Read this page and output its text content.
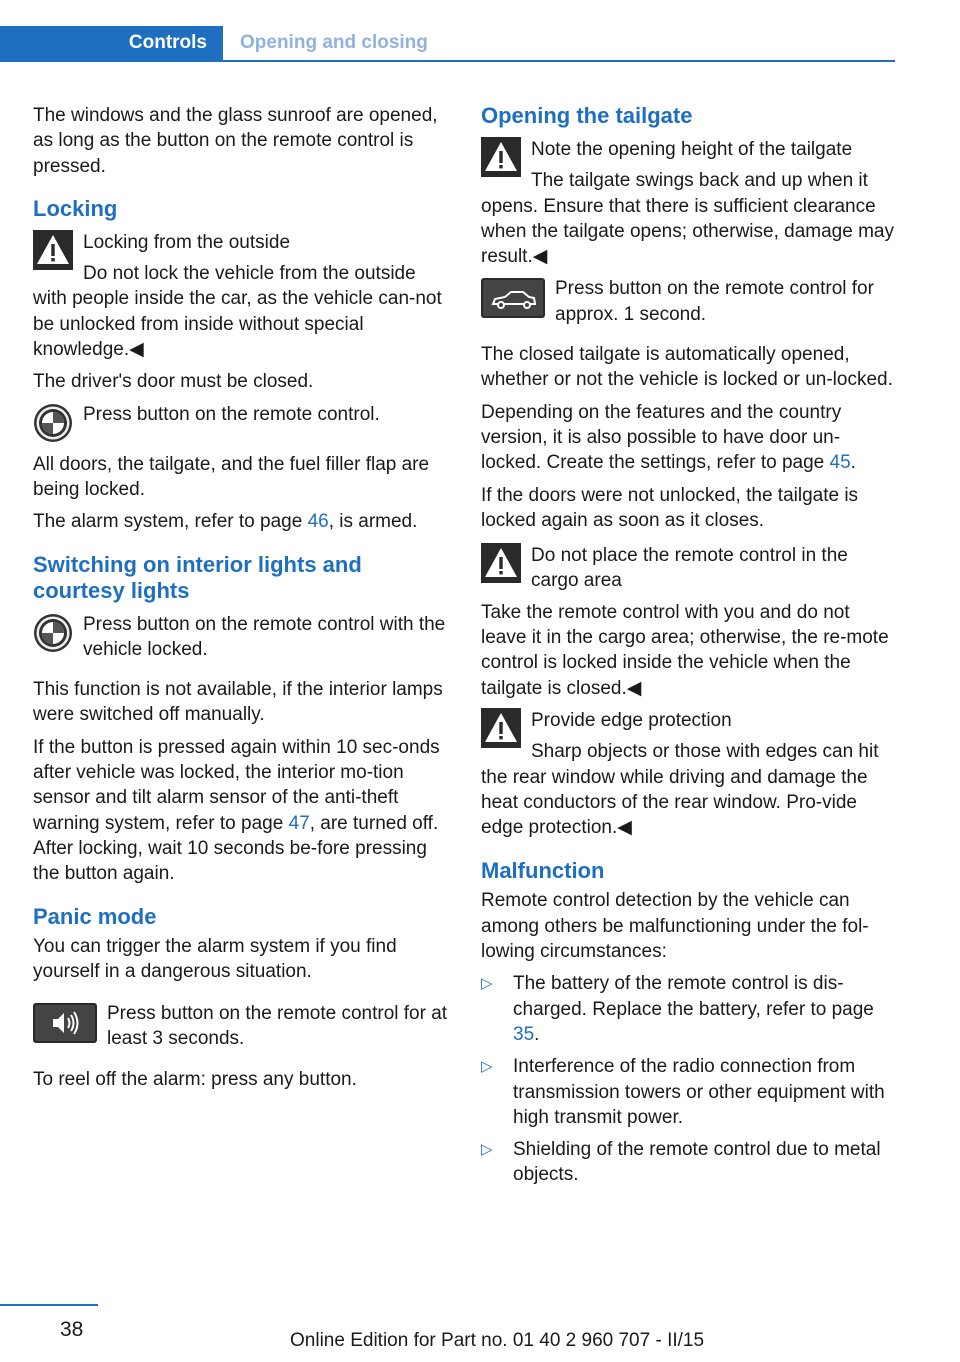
Controls	Opening and closing

The windows and the glass sunroof are opened, as long as the button on the remote control is pressed.

Locking

Locking from the outside

Do not lock the vehicle from the outside with people inside the car, as the vehicle can-not be unlocked from inside without special knowledge.◀

The driver's door must be closed.

Press button on the remote control.

All doors, the tailgate, and the fuel filler flap are being locked.

The alarm system, refer to page 46, is armed.

Switching on interior lights and courtesy lights

Press button on the remote control with the vehicle locked.

This function is not available, if the interior lamps were switched off manually.

If the button is pressed again within 10 sec-onds after vehicle was locked, the interior mo-tion sensor and tilt alarm sensor of the anti-theft warning system, refer to page 47, are turned off. After locking, wait 10 seconds be-fore pressing the button again.

Panic mode

You can trigger the alarm system if you find yourself in a dangerous situation.

Press button on the remote control for at least 3 seconds.

To reel off the alarm: press any button.

Opening the tailgate

Note the opening height of the tailgate

The tailgate swings back and up when it opens. Ensure that there is sufficient clearance when the tailgate opens; otherwise, damage may result.◀

Press button on the remote control for approx. 1 second.

The closed tailgate is automatically opened, whether or not the vehicle is locked or un-locked.

Depending on the features and the country version, it is also possible to have door un-locked. Create the settings, refer to page 45.

If the doors were not unlocked, the tailgate is locked again as soon as it closes.

Do not place the remote control in the cargo area

Take the remote control with you and do not leave it in the cargo area; otherwise, the re-mote control is locked inside the vehicle when the tailgate is closed.◀

Provide edge protection

Sharp objects or those with edges can hit the rear window while driving and damage the heat conductors of the rear window. Pro-vide edge protection.◀

Malfunction

Remote control detection by the vehicle can among others be malfunctioning under the fol-lowing circumstances:

▷ The battery of the remote control is dis-charged. Replace the battery, refer to page 35.
▷ Interference of the radio connection from transmission towers or other equipment with high transmit power.
▷ Shielding of the remote control due to metal objects.
38	Online Edition for Part no. 01 40 2 960 707 - II/15
